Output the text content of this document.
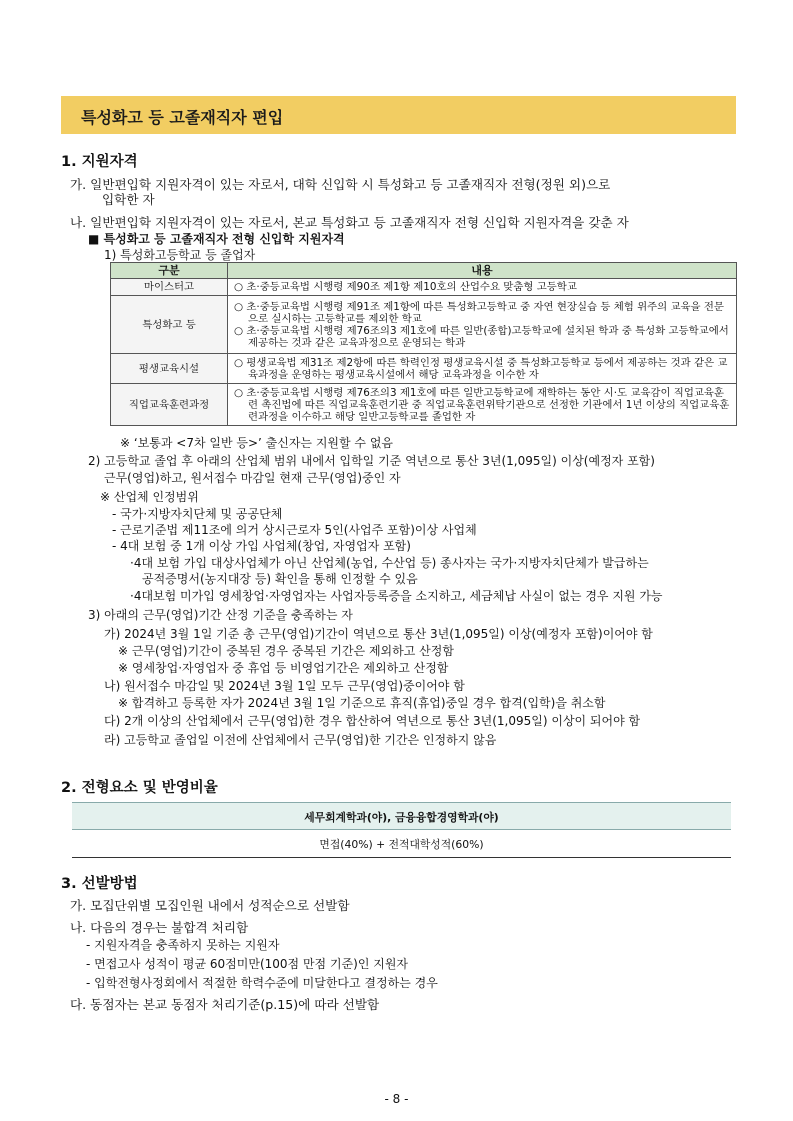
특성화고 등 고졸재직자 편입
1. 지원자격
가. 일반편입학 지원자격이 있는 자로서, 대학 신입학 시 특성화고 등 고졸재직자 전형(정원 외)으로
입학한 자
나. 일반편입학 지원자격이 있는 자로서, 본교 특성화고 등 고졸재직자 전형 신입학 지원자격을 갖춘 자
■ 특성화고 등 고졸재직자 전형 신입학 지원자격
1) 특성화고등학교 등 졸업자
구분	내용
마이스터고	○ 초·중등교육법 시행령 제90조 제1항 제10호의 산업수요 맞춤형 고등학교

특성화고 등	○ 초·중등교육법 시행령 제91조 제1항에 따른 특성화고등학교 중 자연 현장실습 등 체험 위주의 교육을 전문으로 실시하는 고등학교를 제외한 학교
○ 초·중등교육법 시행령 제76조의3 제1호에 따른 일반(종합)고등학교에 설치된 학과 중 특성화 고등학교에서 제공하는 것과 같은 교육과정으로 운영되는 학과

평생교육시설	○ 평생교육법 제31조 제2항에 따른 학력인정 평생교육시설 중 특성화고등학교 등에서 제공하는 것과 같은 교육과정을 운영하는 평생교육시설에서 해당 교육과정을 이수한 자

직업교육훈련과정	○ 초·중등교육법 시행령 제76조의3 제1호에 따른 일반고등학교에 재학하는 동안 시·도 교육감이 직업교육훈련 촉진법에 따른 직업교육훈련기관 중 직업교육훈련위탁기관으로 선정한 기관에서 1년 이상의 직업교육훈련과정을 이수하고 해당 일반고등학교를 졸업한 자
※ ‘보통과 <7차 일반 등>’ 출신자는 지원할 수 없음
2) 고등학교 졸업 후 아래의 산업체 범위 내에서 입학일 기준 역년으로 통산 3년(1,095일) 이상(예정자 포함)
근무(영업)하고, 원서접수 마감일 현재 근무(영업)중인 자
※ 산업체 인정범위
- 국가·지방자치단체 및 공공단체
- 근로기준법 제11조에 의거 상시근로자 5인(사업주 포함)이상 사업체
- 4대 보험 중 1개 이상 가입 사업체(창업, 자영업자 포함)
·4대 보험 가입 대상사업체가 아닌 산업체(농업, 수산업 등) 종사자는 국가·지방자치단체가 발급하는
공적증명서(농지대장 등) 확인을 통해 인정할 수 있음
·4대보험 미가입 영세창업·자영업자는 사업자등록증을 소지하고, 세금체납 사실이 없는 경우 지원 가능
3) 아래의 근무(영업)기간 산정 기준을 충족하는 자
가) 2024년 3월 1일 기준 총 근무(영업)기간이 역년으로 통산 3년(1,095일) 이상(예정자 포함)이어야 함
※ 근무(영업)기간이 중복된 경우 중복된 기간은 제외하고 산정함
※ 영세창업·자영업자 중 휴업 등 비영업기간은 제외하고 산정함
나) 원서접수 마감일 및 2024년 3월 1일 모두 근무(영업)중이어야 함
※ 합격하고 등록한 자가 2024년 3월 1일 기준으로 휴직(휴업)중일 경우 합격(입학)을 취소함
다) 2개 이상의 산업체에서 근무(영업)한 경우 합산하여 역년으로 통산 3년(1,095일) 이상이 되어야 함
라) 고등학교 졸업일 이전에 산업체에서 근무(영업)한 기간은 인정하지 않음
2. 전형요소 및 반영비율
세무회계학과(야), 금융융합경영학과(야)
면접(40%) + 전적대학성적(60%)
3. 선발방법
가. 모집단위별 모집인원 내에서 성적순으로 선발함
나. 다음의 경우는 불합격 처리함
- 지원자격을 충족하지 못하는 지원자
- 면접고사 성적이 평균 60점미만(100점 만점 기준)인 지원자
- 입학전형사정회에서 적절한 학력수준에 미달한다고 결정하는 경우
다. 동점자는 본교 동점자 처리기준(p.15)에 따라 선발함
- 8 -
